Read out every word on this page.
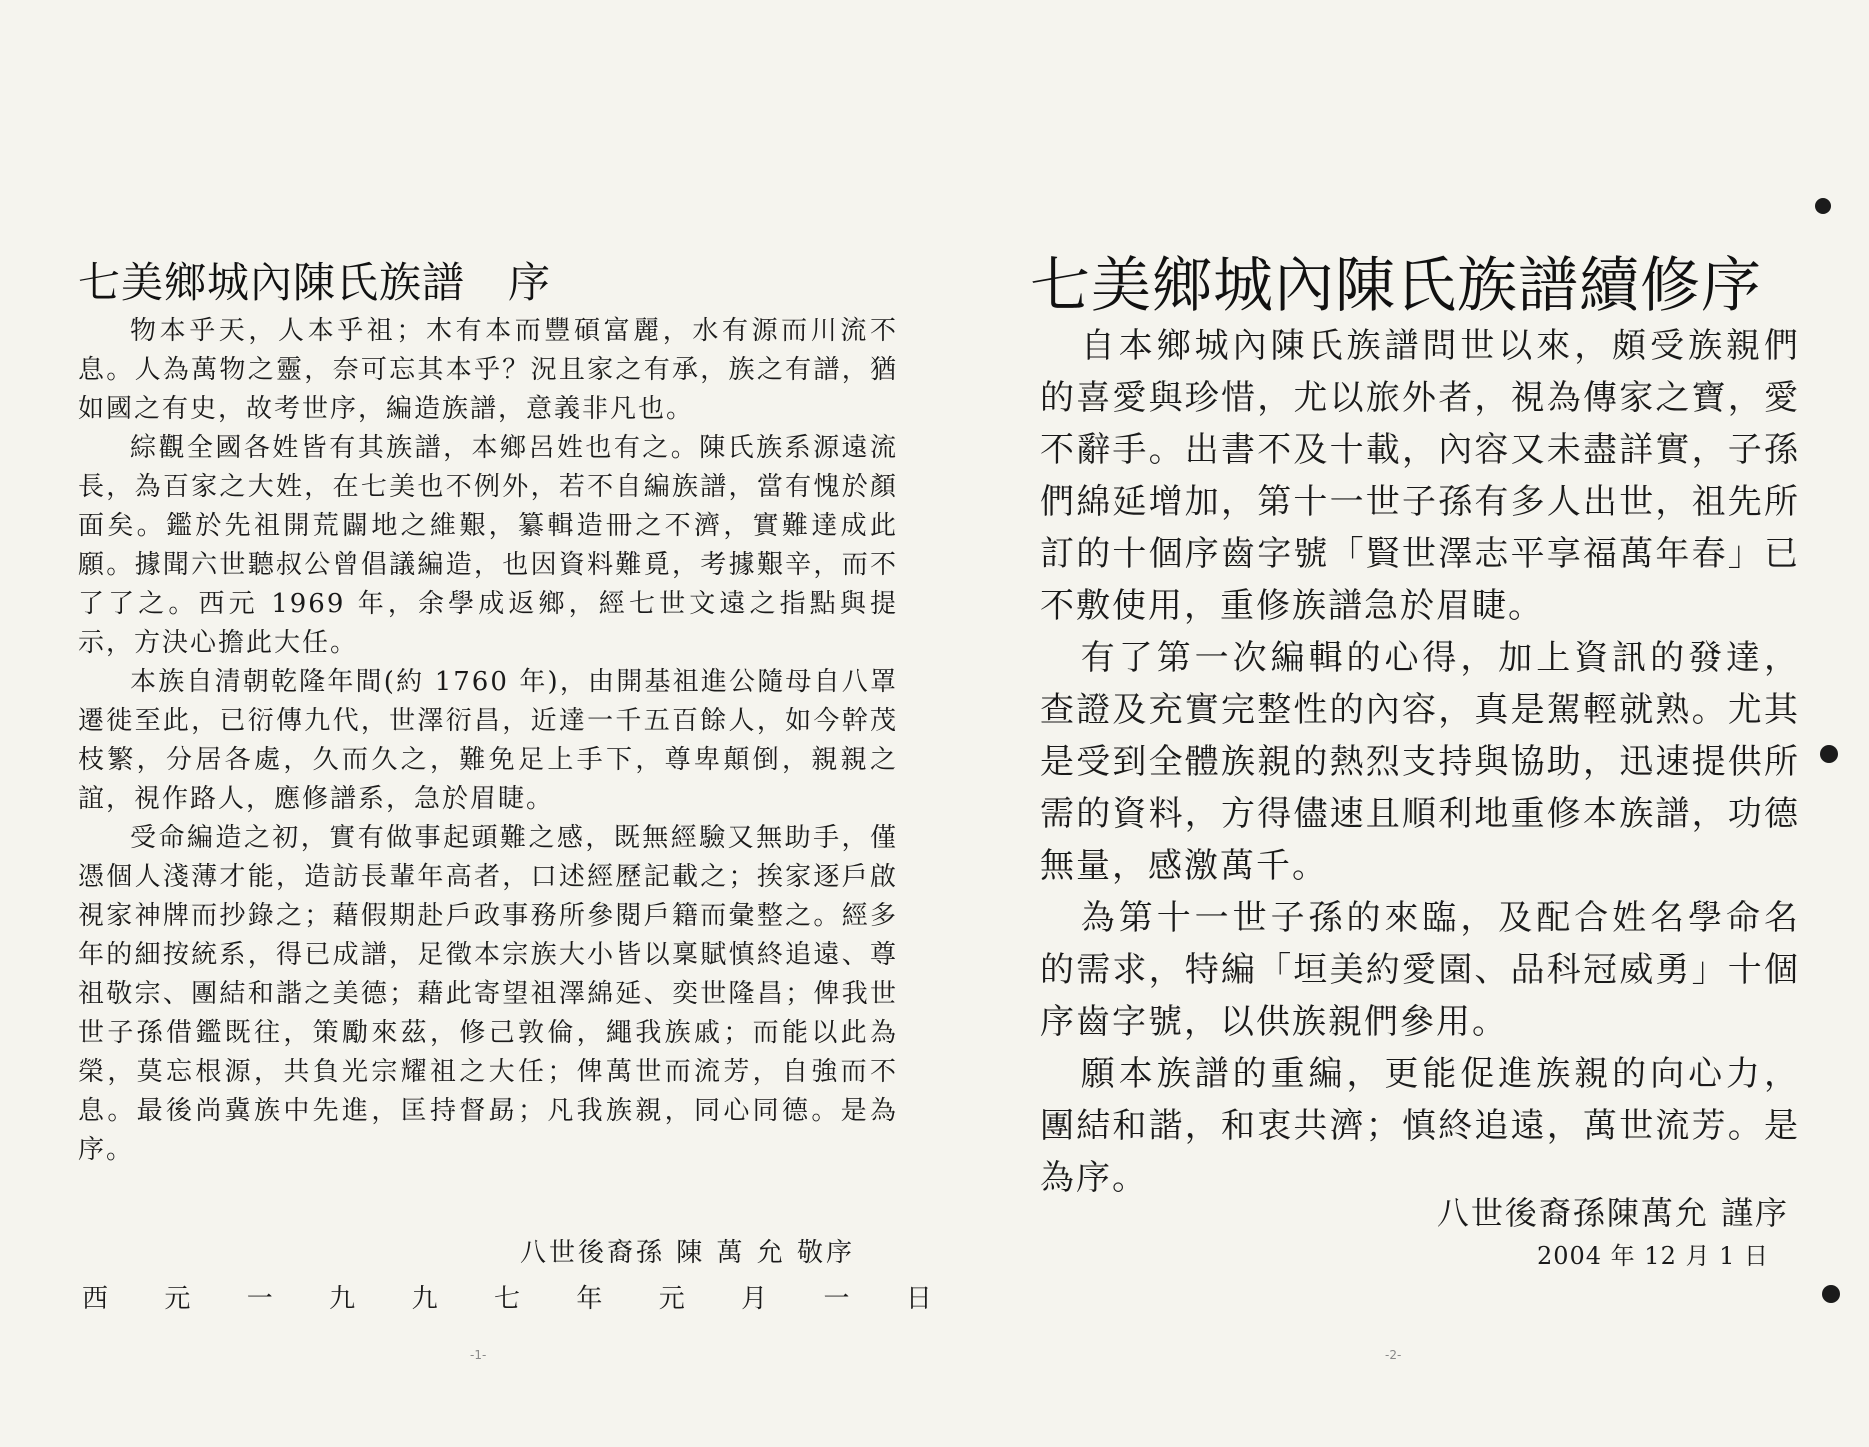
七美鄉城內陳氏族譜　序

物本乎天，人本乎祖；木有本而豐碩富麗，水有源而川流不息。人為萬物之靈，奈可忘其本乎？況且家之有承，族之有譜，猶如國之有史，故考世序，編造族譜，意義非凡也。

綜觀全國各姓皆有其族譜，本鄉呂姓也有之。陳氏族系源遠流長，為百家之大姓，在七美也不例外，若不自編族譜，當有愧於顏面矣。鑑於先祖開荒闢地之維艱，纂輯造冊之不濟，實難達成此願。據聞六世聽叔公曾倡議編造，也因資料難覓，考據艱辛，而不了了之。西元 1969 年，余學成返鄉，經七世文遠之指點與提示，方決心擔此大任。

本族自清朝乾隆年間(約 1760 年)，由開基祖進公隨母自八罩遷徙至此，已衍傳九代，世澤衍昌，近達一千五百餘人，如今幹茂枝繁，分居各處，久而久之，難免足上手下，尊卑顛倒，親親之誼，視作路人，應修譜系，急於眉睫。

受命編造之初，實有做事起頭難之感，既無經驗又無助手，僅憑個人淺薄才能，造訪長輩年高者，口述經歷記載之；挨家逐戶啟視家神牌而抄錄之；藉假期赴戶政事務所參閱戶籍而彙整之。經多年的細按統系，得已成譜，足徵本宗族大小皆以稟賦慎終追遠、尊祖敬宗、團結和諧之美德；藉此寄望祖澤綿延、奕世隆昌；俾我世世子孫借鑑既往，策勵來茲，修己敦倫，繩我族戚；而能以此為榮，莫忘根源，共負光宗耀祖之大任；俾萬世而流芳，自強而不息。最後尚冀族中先進，匡持督勗；凡我族親，同心同德。是為序。

八世後裔孫 陳 萬 允 敬序
西 元 一 九 九 七 年 元 月 一 日
-1-
七美鄉城內陳氏族譜續修序

自本鄉城內陳氏族譜問世以來，頗受族親們的喜愛與珍惜，尤以旅外者，視為傳家之寶，愛不辭手。出書不及十載，內容又未盡詳實，子孫們綿延增加，第十一世子孫有多人出世，祖先所訂的十個序齒字號「賢世澤志平享福萬年春」已不敷使用，重修族譜急於眉睫。

有了第一次編輯的心得，加上資訊的發達，查證及充實完整性的內容，真是駕輕就熟。尤其是受到全體族親的熱烈支持與協助，迅速提供所需的資料，方得儘速且順利地重修本族譜，功德無量，感激萬千。

為第十一世子孫的來臨，及配合姓名學命名的需求，特編「垣美約愛園、品科冠威勇」十個序齒字號，以供族親們參用。

願本族譜的重編，更能促進族親的向心力，團結和諧，和衷共濟；慎終追遠，萬世流芳。是為序。

八世後裔孫陳萬允 謹序
2004 年 12 月 1 日
-2-
